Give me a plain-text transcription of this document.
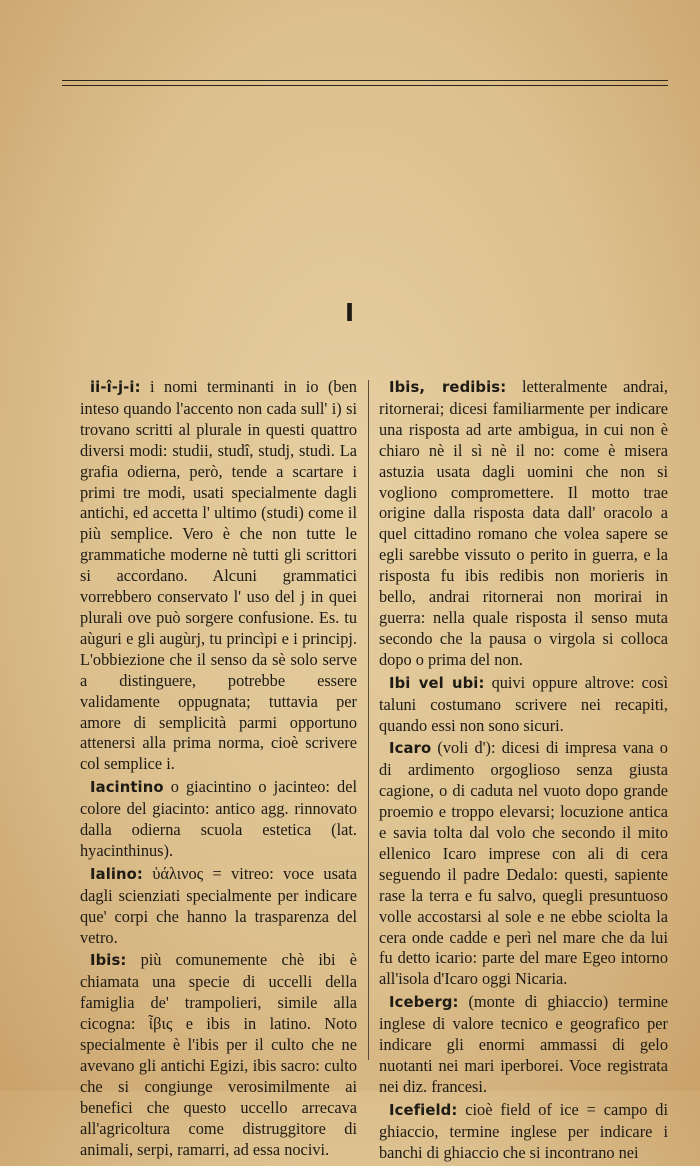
I

ii-î-j-i: i nomi terminanti in io (ben inteso quando l'accento non cada sull' i) si trovano scritti al plurale in questi quattro diversi modi: studii, studî, studj, studi. La grafia odierna, però, tende a scartare i primi tre modi, usati specialmente dagli antichi, ed accetta l' ultimo (studi) come il più semplice. Vero è che non tutte le grammatiche moderne nè tutti gli scrittori si accordano. Alcuni grammatici vorrebbero conservato l' uso del j in quei plurali ove può sorgere confusione. Es. tu aùguri e gli augùrj, tu princìpi e i principj. L'obbiezione che il senso da sè solo serve a distinguere, potrebbe essere validamente oppugnata; tuttavia per amore di semplicità parmi opportuno attenersi alla prima norma, cioè scrivere col semplice i.

Iacintino o giacintino o jacinteo: del colore del giacinto: antico agg. rinnovato dalla odierna scuola estetica (lat. hyacinthinus).

Ialino: ὑάλινος = vitreo: voce usata dagli scienziati specialmente per indicare que' corpi che hanno la trasparenza del vetro.

Ibis: più comunemente chè ibi è chiamata una specie di uccelli della famiglia de' trampolieri, simile alla cicogna: ἶβις e ibis in latino. Noto specialmente è l'ibis per il culto che ne avevano gli antichi Egizi, ibis sacro: culto che si congiunge verosimilmente ai benefici che questo uccello arrecava all'agricoltura come distruggitore di animali, serpi, ramarri, ad essa nocivi.

Ibis, redibis: letteralmente andrai, ritornerai; dicesi familiarmente per indicare una risposta ad arte ambigua, in cui non è chiaro nè il sì nè il no: come è misera astuzia usata dagli uomini che non si vogliono compromettere. Il motto trae origine dalla risposta data dall' oracolo a quel cittadino romano che volea sapere se egli sarebbe vissuto o perito in guerra, e la risposta fu ibis redibis non morieris in bello, andrai ritornerai non morirai in guerra: nella quale risposta il senso muta secondo che la pausa o virgola si colloca dopo o prima del non.

Ibi vel ubi: quivi oppure altrove: così taluni costumano scrivere nei recapiti, quando essi non sono sicuri.

Icaro (voli d'): dicesi di impresa vana o di ardimento orgoglioso senza giusta cagione, o di caduta nel vuoto dopo grande proemio e troppo elevarsi; locuzione antica e savia tolta dal volo che secondo il mito ellenico Icaro imprese con ali di cera seguendo il padre Dedalo: questi, sapiente rase la terra e fu salvo, quegli presuntuoso volle accostarsi al sole e ne ebbe sciolta la cera onde cadde e perì nel mare che da lui fu detto icario: parte del mare Egeo intorno all'isola d'Icaro oggi Nicaria.

Iceberg: (monte di ghiaccio) termine inglese di valore tecnico e geografico per indicare gli enormi ammassi di gelo nuotanti nei mari iperborei. Voce registrata nei diz. francesi.

Icefield: cioè field of ice = campo di ghiaccio, termine inglese per indicare i banchi di ghiaccio che si incontrano nei
